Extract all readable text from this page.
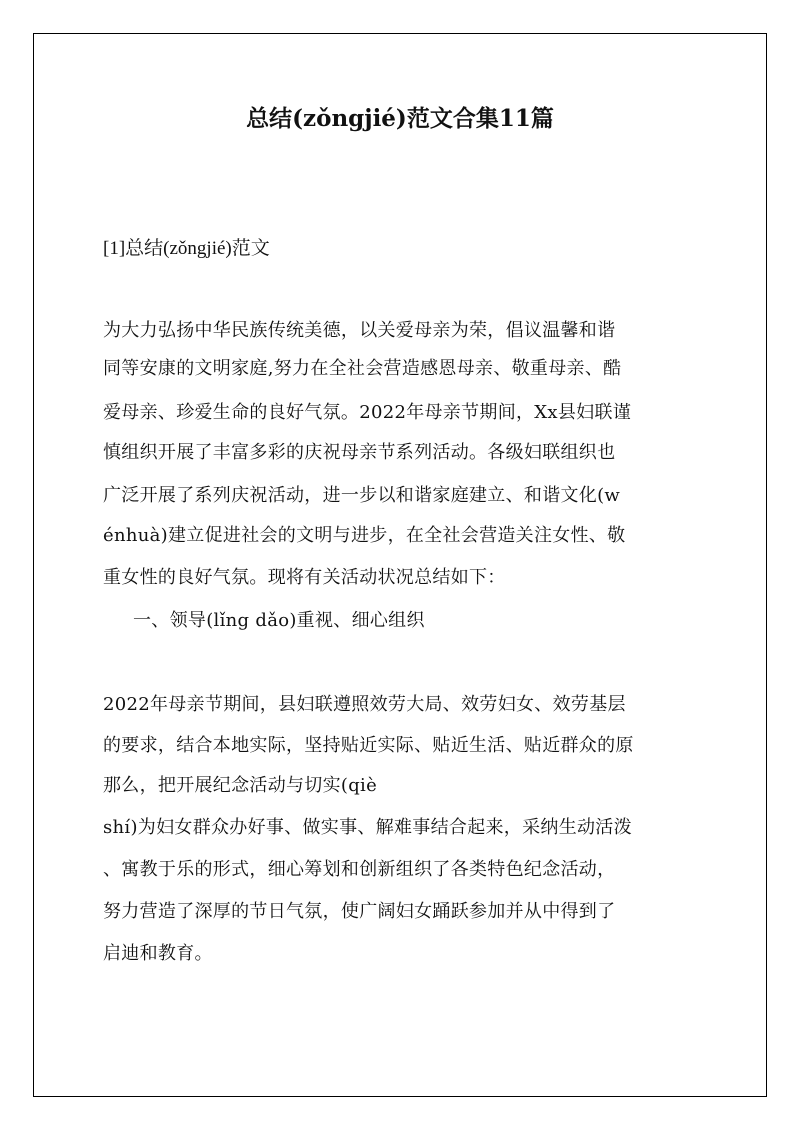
总结(zǒngjié)范文合集11篇
[1]总结(zǒngjié)范文
为大力弘扬中华民族传统美德，以关爱母亲为荣，倡议温馨和谐
同等安康的文明家庭,努力在全社会营造感恩母亲、敬重母亲、酷
爱母亲、珍爱生命的良好气氛。2022年母亲节期间，Xx县妇联谨
慎组织开展了丰富多彩的庆祝母亲节系列活动。各级妇联组织也
广泛开展了系列庆祝活动，进一步以和谐家庭建立、和谐文化(w
énhuà)建立促进社会的文明与进步，在全社会营造关注女性、敬
重女性的良好气氛。现将有关活动状况总结如下：
一、领导(lǐng dǎo)重视、细心组织
2022年母亲节期间，县妇联遵照效劳大局、效劳妇女、效劳基层
的要求，结合本地实际，坚持贴近实际、贴近生活、贴近群众的原
那么，把开展纪念活动与切实(qiè
shí)为妇女群众办好事、做实事、解难事结合起来，采纳生动活泼
、寓教于乐的形式，细心筹划和创新组织了各类特色纪念活动，
努力营造了深厚的节日气氛，使广阔妇女踊跃参加并从中得到了
启迪和教育。
